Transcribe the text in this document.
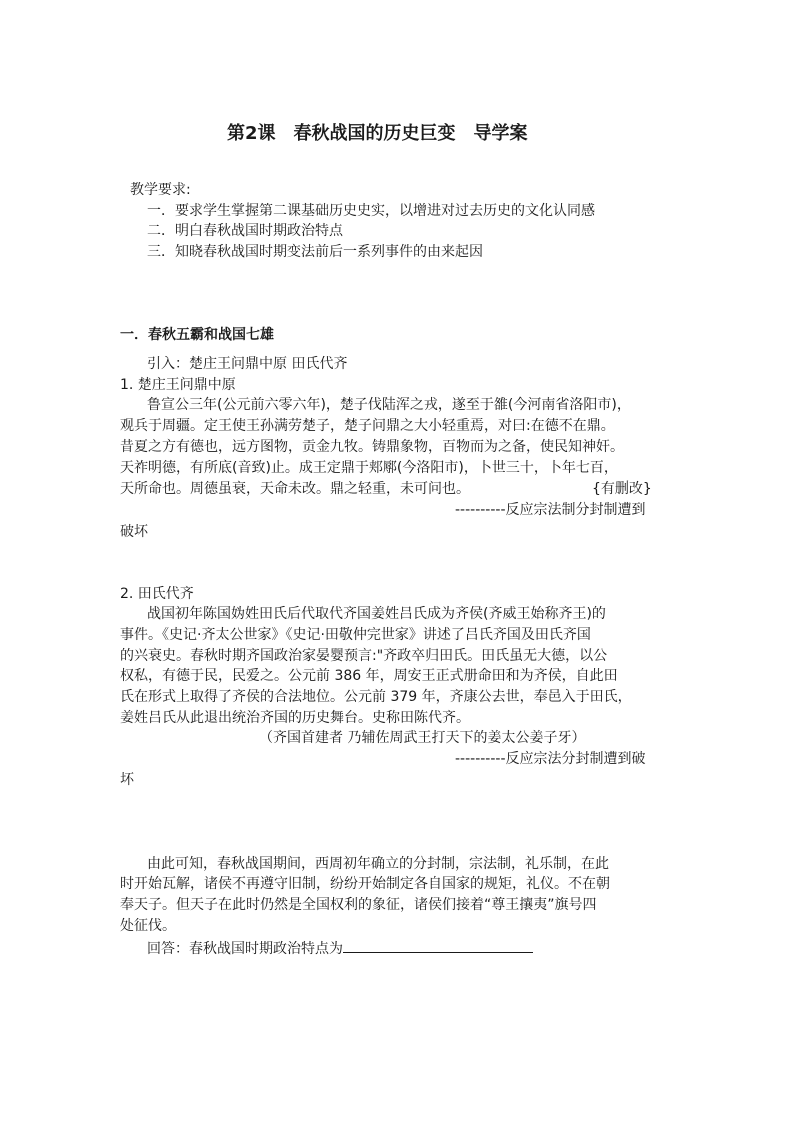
第2课　春秋战国的历史巨变　导学案
教学要求:
一．要求学生掌握第二课基础历史史实，以增进对过去历史的文化认同感
二．明白春秋战国时期政治特点
三．知晓春秋战国时期变法前后一系列事件的由来起因
一．春秋五霸和战国七雄
引入：楚庄王问鼎中原 田氏代齐
1. 楚庄王问鼎中原
鲁宣公三年(公元前六零六年)，楚子伐陆浑之戎，遂至于雒(今河南省洛阳市)，
观兵于周疆。定王使王孙满劳楚子，楚子问鼎之大小轻重焉，对曰:在德不在鼎。
昔夏之方有德也，远方图物，贡金九牧。铸鼎象物，百物而为之备，使民知神奸。
天祚明德，有所底(音致)止。成王定鼎于郏鄏(今洛阳市)，卜世三十，卜年七百，
天所命也。周德虽衰，天命未改。鼎之轻重，未可问也。	{有删改}
----------反应宗法制分封制遭到
破坏
2. 田氏代齐
战国初年陈国妫姓田氏后代取代齐国姜姓吕氏成为齐侯(齐威王始称齐王)的
事件。《史记·齐太公世家》《史记·田敬仲完世家》讲述了吕氏齐国及田氏齐国
的兴衰史。春秋时期齐国政治家晏婴预言:"齐政卒归田氏。田氏虽无大德，以公
权私，有德于民，民爱之。公元前 386 年，周安王正式册命田和为齐侯，自此田
氏在形式上取得了齐侯的合法地位。公元前 379 年，齐康公去世，奉邑入于田氏，
姜姓吕氏从此退出统治齐国的历史舞台。史称田陈代齐。
（齐国首建者 乃辅佐周武王打天下的姜太公姜子牙）
----------反应宗法分封制遭到破
坏
由此可知，春秋战国期间，西周初年确立的分封制，宗法制，礼乐制，在此
时开始瓦解，诸侯不再遵守旧制，纷纷开始制定各自国家的规矩，礼仪。不在朝
奉天子。但天子在此时仍然是全国权利的象征，诸侯们接着“尊王攘夷”旗号四
处征伐。
回答：春秋战国时期政治特点为
